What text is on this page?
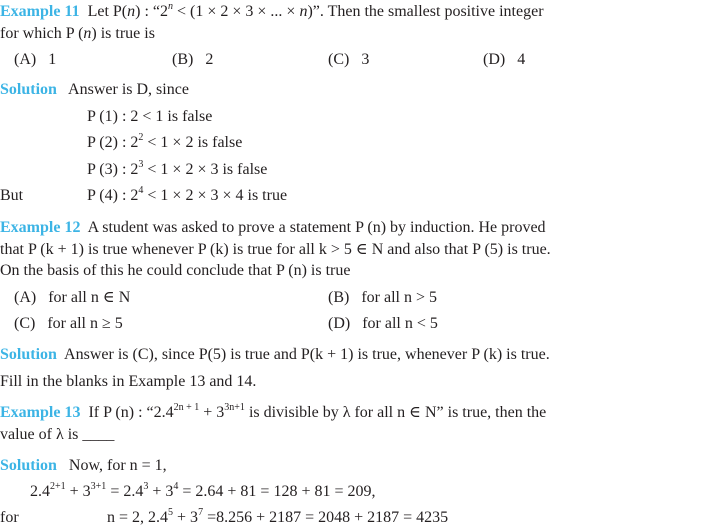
Example 11 Let P(n) : “$2^n < (1 \times 2 \times 3$ × ... × n)”. Then the smallest positive integer
for which P (n) is true is
(A) 1	(B) 2	(C) 3	(D) 4
Solution Answer is D, since
P (1) : 2 < 1 is false
P (2) : $2^2 < 1 \times 2$ is false
P (3) : $2^3 < 1 \times 2 \times 3$ is false
But	P (4) : $2^4 < 1 \times 2 \times 3 \times 4$ is true
Example 12 A student was asked to prove a statement P (n) by induction. He proved
that P (k + 1) is true whenever P (k) is true for all k > 5 ∈ N and also that P (5) is true.
On the basis of this he could conclude that P (n) is true
(A) for all n ∈ N	(B) for all n > 5
(C) for all n ≥ 5	(D) for all n < 5
Solution Answer is (C), since P(5) is true and P(k + 1) is true, whenever P (k) is true.
Fill in the blanks in Example 13 and 14.
Example 13 If P (n) : “$2.4^{2n + 1} + 3^{3n+1}$ is divisible by λ for all n ∈ N” is true, then the
value of λ is ____
Solution Now, for n = 1,
$2.4^{2+1} + 3^{3+1} = 2.4^3 + 3^4 = 2.64 + 81 = 128 + 81 = 209$,
for	n = 2, $2.4^5 + 3^7 =8.256 + 2187 = 2048 + 2187 = 4235$
